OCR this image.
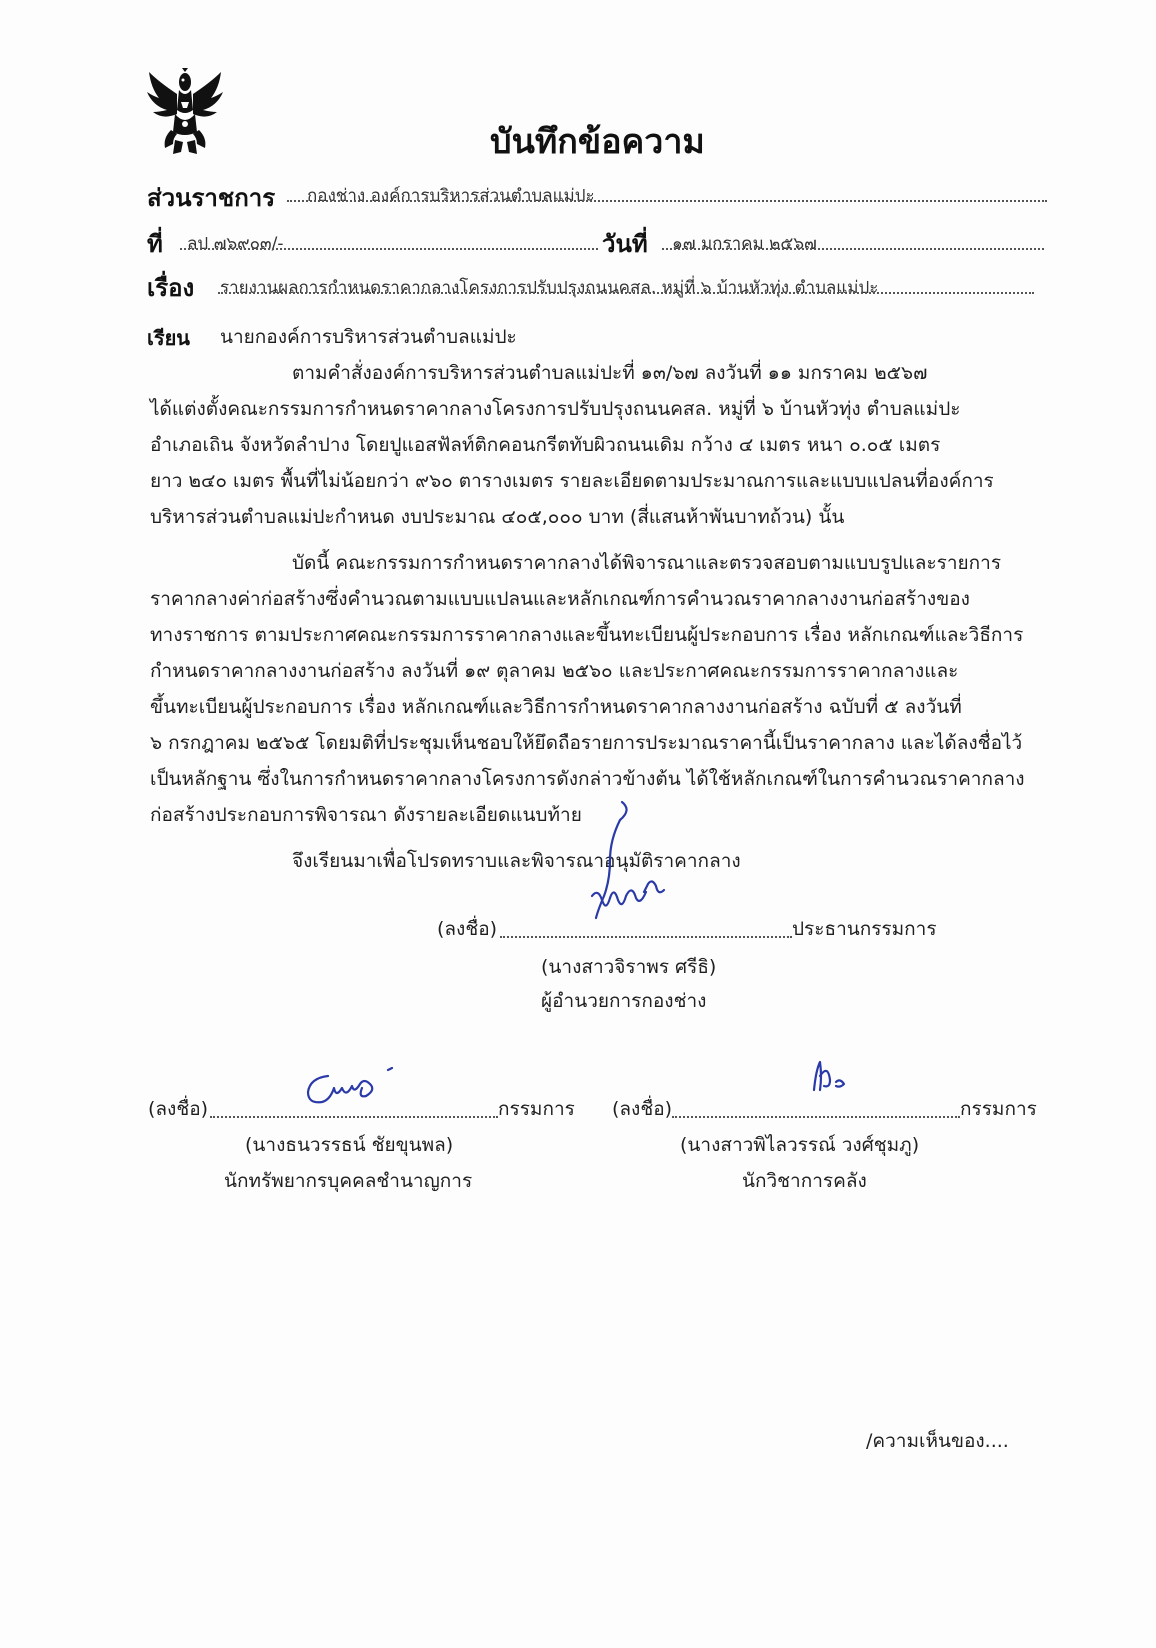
บันทึกข้อความ
ส่วนราชการ กองช่าง องค์การบริหารส่วนตำบลแม่ปะ
ที่ ลป ๗๖๙๐๓/-	วันที่ ๑๗ มกราคม ๒๕๖๗
เรื่อง รายงานผลการกำหนดราคากลางโครงการปรับปรุงถนนคสล. หมู่ที่ ๖ บ้านหัวทุ่ง ตำบลแม่ปะ
เรียน นายกองค์การบริหารส่วนตำบลแม่ปะ
ตามคำสั่งองค์การบริหารส่วนตำบลแม่ปะที่ ๑๓/๖๗ ลงวันที่ ๑๑ มกราคม ๒๕๖๗
ได้แต่งตั้งคณะกรรมการกำหนดราคากลางโครงการปรับปรุงถนนคสล. หมู่ที่ ๖ บ้านหัวทุ่ง ตำบลแม่ปะ
อำเภอเถิน จังหวัดลำปาง โดยปูแอสฟัลท์ติกคอนกรีตทับผิวถนนเดิม กว้าง ๔ เมตร หนา ๐.๐๕ เมตร
ยาว ๒๔๐ เมตร พื้นที่ไม่น้อยกว่า ๙๖๐ ตารางเมตร รายละเอียดตามประมาณการและแบบแปลนที่องค์การ
บริหารส่วนตำบลแม่ปะกำหนด งบประมาณ ๔๐๕,๐๐๐ บาท (สี่แสนห้าพันบาทถ้วน) นั้น
บัดนี้ คณะกรรมการกำหนดราคากลางได้พิจารณาและตรวจสอบตามแบบรูปและรายการ
ราคากลางค่าก่อสร้างซึ่งคำนวณตามแบบแปลนและหลักเกณฑ์การคำนวณราคากลางงานก่อสร้างของ
ทางราชการ ตามประกาศคณะกรรมการราคากลางและขึ้นทะเบียนผู้ประกอบการ เรื่อง หลักเกณฑ์และวิธีการ
กำหนดราคากลางงานก่อสร้าง ลงวันที่ ๑๙ ตุลาคม ๒๕๖๐ และประกาศคณะกรรมการราคากลางและ
ขึ้นทะเบียนผู้ประกอบการ เรื่อง หลักเกณฑ์และวิธีการกำหนดราคากลางงานก่อสร้าง ฉบับที่ ๕ ลงวันที่
๖ กรกฎาคม ๒๕๖๕ โดยมติที่ประชุมเห็นชอบให้ยึดถือรายการประมาณราคานี้เป็นราคากลาง และได้ลงชื่อไว้
เป็นหลักฐาน ซึ่งในการกำหนดราคากลางโครงการดังกล่าวข้างต้น ได้ใช้หลักเกณฑ์ในการคำนวณราคากลาง
ก่อสร้างประกอบการพิจารณา ดังรายละเอียดแนบท้าย
จึงเรียนมาเพื่อโปรดทราบและพิจารณาอนุมัติราคากลาง
(ลงชื่อ)	ประธานกรรมการ
(นางสาวจิราพร ศรีธิ)
ผู้อำนวยการกองช่าง
(ลงชื่อ)	กรรมการ
(นางธนวรรธน์ ชัยขุนพล)
นักทรัพยากรบุคคลชำนาญการ
(ลงชื่อ)	กรรมการ
(นางสาวพิไลวรรณ์ วงศ์ชุมภู)
นักวิชาการคลัง
/ความเห็นของ....
